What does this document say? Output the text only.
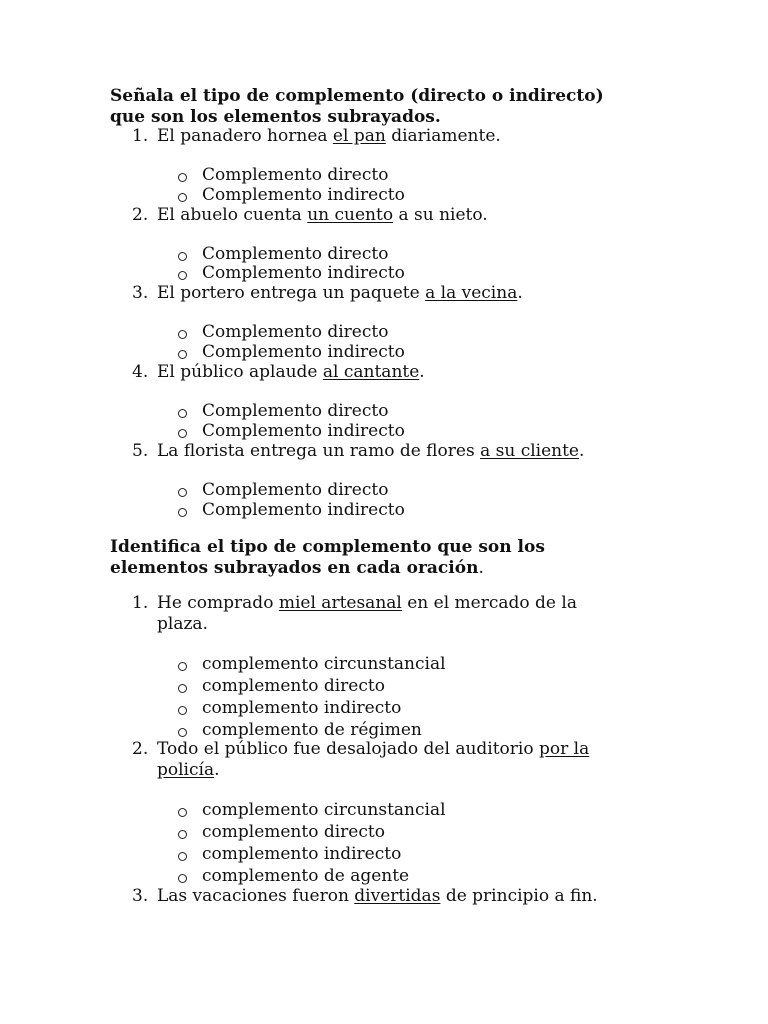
Señala el tipo de complemento (directo o indirecto)
que son los elementos subrayados.

1. El panadero hornea el pan diariamente.

Complemento directo

Complemento indirecto

2. El abuelo cuenta un cuento a su nieto.

Complemento directo

Complemento indirecto

3. El portero entrega un paquete a la vecina.

Complemento directo

Complemento indirecto

4. El público aplaude al cantante.

Complemento directo

Complemento indirecto

5. La florista entrega un ramo de flores a su cliente.

Complemento directo

Complemento indirecto

Identifica el tipo de complemento que son los
elementos subrayados en cada oración.

1. He comprado miel artesanal en el mercado de la
plaza.

complemento circunstancial

complemento directo

complemento indirecto

complemento de régimen

2. Todo el público fue desalojado del auditorio por la
policía.

complemento circunstancial

complemento directo

complemento indirecto

complemento de agente

3. Las vacaciones fueron divertidas de principio a fin.
